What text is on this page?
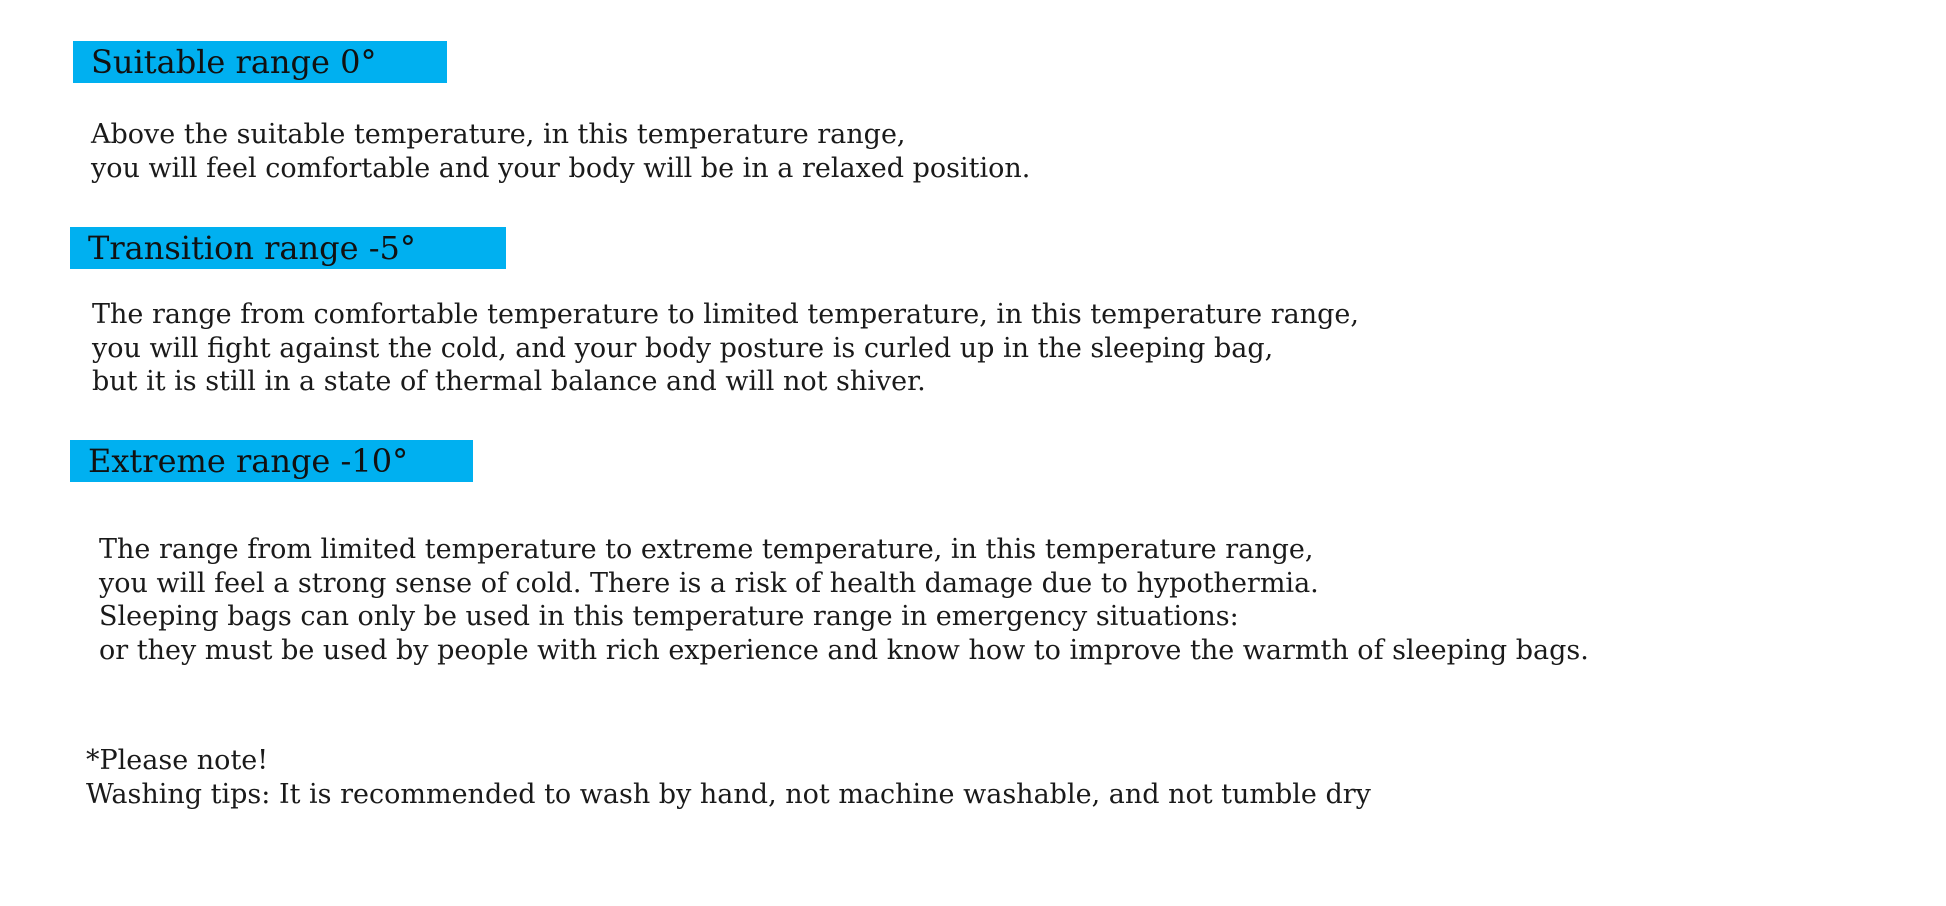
Suitable range 0°
Above the suitable temperature, in this temperature range,
you will feel comfortable and your body will be in a relaxed position.
Transition range -5°
The range from comfortable temperature to limited temperature, in this temperature range,
you will fight against the cold, and your body posture is curled up in the sleeping bag,
but it is still in a state of thermal balance and will not shiver.
Extreme range -10°
The range from limited temperature to extreme temperature, in this temperature range,
you will feel a strong sense of cold. There is a risk of health damage due to hypothermia.
Sleeping bags can only be used in this temperature range in emergency situations:
or they must be used by people with rich experience and know how to improve the warmth of sleeping bags.
*Please note!
Washing tips: It is recommended to wash by hand, not machine washable, and not tumble dry
